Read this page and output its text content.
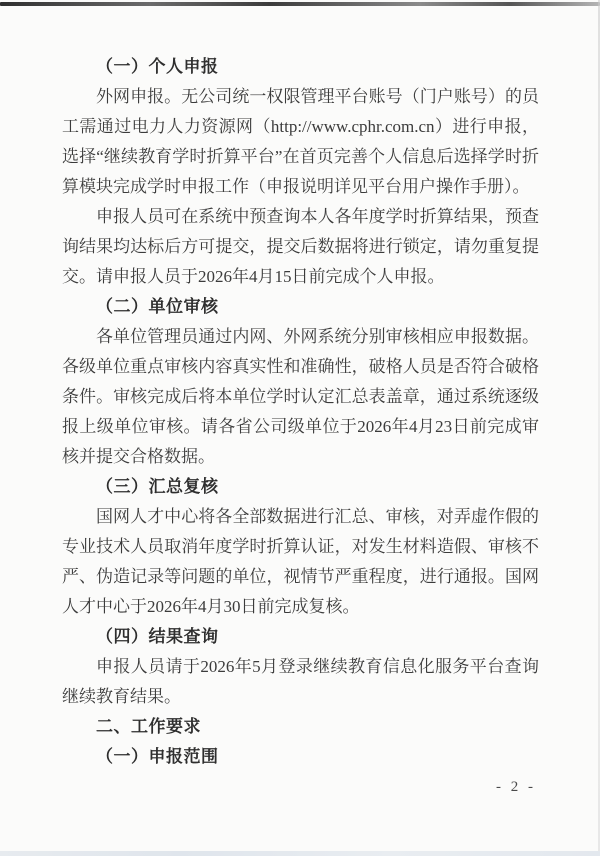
（一）个人申报

外网申报。无公司统一权限管理平台账号（门户账号）的员工需通过电力人力资源网（http://www.cphr.com.cn）进行申报，选择“继续教育学时折算平台”在首页完善个人信息后选择学时折算模块完成学时申报工作（申报说明详见平台用户操作手册）。

申报人员可在系统中预查询本人各年度学时折算结果，预查询结果均达标后方可提交，提交后数据将进行锁定，请勿重复提交。请申报人员于2026年4月15日前完成个人申报。

（二）单位审核

各单位管理员通过内网、外网系统分别审核相应申报数据。各级单位重点审核内容真实性和准确性，破格人员是否符合破格条件。审核完成后将本单位学时认定汇总表盖章，通过系统逐级报上级单位审核。请各省公司级单位于2026年4月23日前完成审核并提交合格数据。

（三）汇总复核

国网人才中心将各全部数据进行汇总、审核，对弄虚作假的专业技术人员取消年度学时折算认证，对发生材料造假、审核不严、伪造记录等问题的单位，视情节严重程度，进行通报。国网人才中心于2026年4月30日前完成复核。

（四）结果查询

申报人员请于2026年5月登录继续教育信息化服务平台查询继续教育结果。

二、工作要求
（一）申报范围
- 2 -
